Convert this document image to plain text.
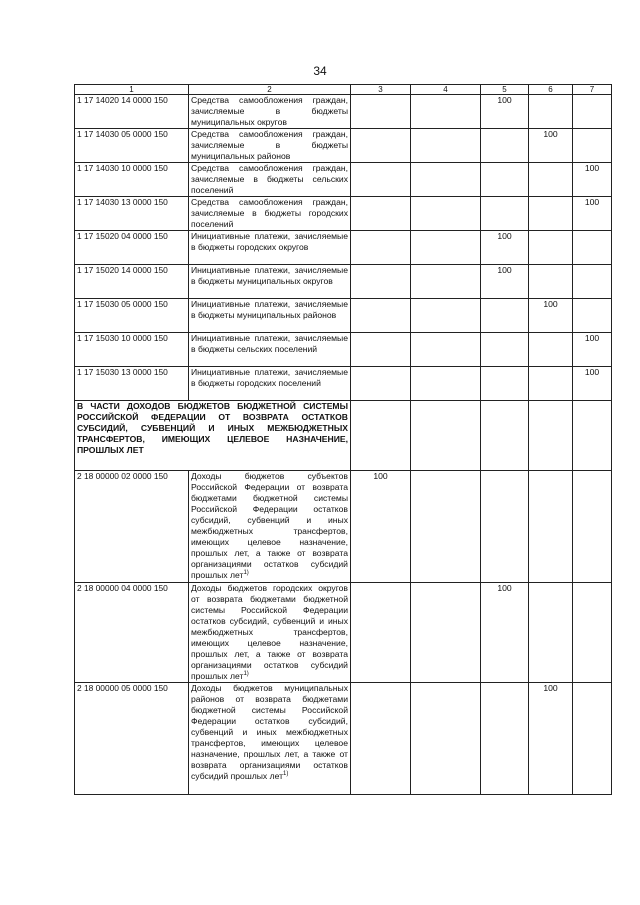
34
1	2	3	4	5	6	7
1 17 14020 14 0000 150	Средства самообложения граждан, зачисляемые в бюджеты муниципальных округов			100		
1 17 14030 05 0000 150	Средства самообложения граждан, зачисляемые в бюджеты муниципальных районов				100	
1 17 14030 10 0000 150	Средства самообложения граждан, зачисляемые в бюджеты сельских поселений					100
1 17 14030 13 0000 150	Средства самообложения граждан, зачисляемые в бюджеты городских поселений					100
1 17 15020 04 0000 150	Инициативные платежи, зачисляемые в бюджеты городских округов			100		
1 17 15020 14 0000 150	Инициативные платежи, зачисляемые в бюджеты муниципальных округов			100		
1 17 15030 05 0000 150	Инициативные платежи, зачисляемые в бюджеты муниципальных районов				100	
1 17 15030 10 0000 150	Инициативные платежи, зачисляемые в бюджеты сельских поселений					100
1 17 15030 13 0000 150	Инициативные платежи, зачисляемые в бюджеты городских поселений					100
В ЧАСТИ ДОХОДОВ БЮДЖЕТОВ БЮДЖЕТНОЙ СИСТЕМЫ РОССИЙСКОЙ ФЕДЕРАЦИИ ОТ ВОЗВРАТА ОСТАТКОВ СУБСИДИЙ, СУБВЕНЦИЙ И ИНЫХ МЕЖБЮДЖЕТНЫХ ТРАНСФЕРТОВ, ИМЕЮЩИХ ЦЕЛЕВОЕ НАЗНАЧЕНИЕ, ПРОШЛЫХ ЛЕТ						
2 18 00000 02 0000 150	Доходы бюджетов субъектов Российской Федерации от возврата бюджетами бюджетной системы Российской Федерации остатков субсидий, субвенций и иных межбюджетных трансфертов, имеющих целевое назначение, прошлых лет, а также от возврата организациями остатков субсидий прошлых лет$^{1)}$	100				
2 18 00000 04 0000 150	Доходы бюджетов городских округов от возврата бюджетами бюджетной системы Российской Федерации остатков субсидий, субвенций и иных межбюджетных трансфертов, имеющих целевое назначение, прошлых лет, а также от возврата организациями остатков субсидий прошлых лет$^{1)}$			100		
2 18 00000 05 0000 150	Доходы бюджетов муниципальных районов от возврата бюджетами бюджетной системы Российской Федерации остатков субсидий, субвенций и иных межбюджетных трансфертов, имеющих целевое назначение, прошлых лет, а также от возврата организациями остатков субсидий прошлых лет$^{1)}$				100	
